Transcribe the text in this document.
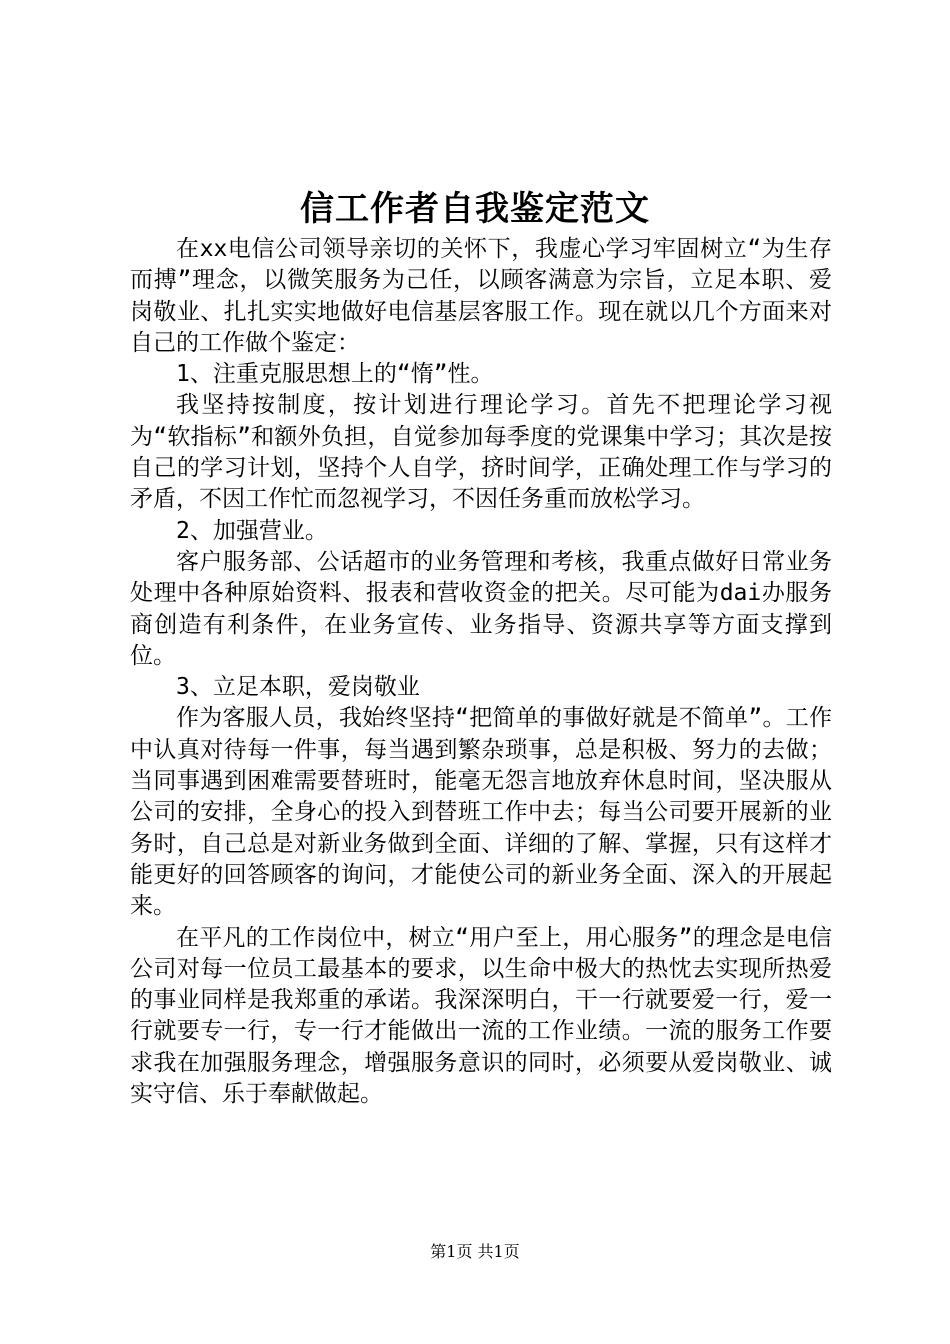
信工作者自我鉴定范文

在xx电信公司领导亲切的关怀下，我虚心学习牢固树立“为生存而搏”理念，以微笑服务为己任，以顾客满意为宗旨，立足本职、爱岗敬业、扎扎实实地做好电信基层客服工作。现在就以几个方面来对自己的工作做个鉴定：

1、注重克服思想上的“惰”性。

我坚持按制度，按计划进行理论学习。首先不把理论学习视为“软指标”和额外负担，自觉参加每季度的党课集中学习；其次是按自己的学习计划，坚持个人自学，挤时间学，正确处理工作与学习的矛盾，不因工作忙而忽视学习，不因任务重而放松学习。

2、加强营业。

客户服务部、公话超市的业务管理和考核，我重点做好日常业务处理中各种原始资料、报表和营收资金的把关。尽可能为dai办服务商创造有利条件，在业务宣传、业务指导、资源共享等方面支撑到位。

3、立足本职，爱岗敬业

作为客服人员，我始终坚持“把简单的事做好就是不简单”。工作中认真对待每一件事，每当遇到繁杂琐事，总是积极、努力的去做；当同事遇到困难需要替班时，能毫无怨言地放弃休息时间，坚决服从公司的安排，全身心的投入到替班工作中去；每当公司要开展新的业务时，自己总是对新业务做到全面、详细的了解、掌握，只有这样才能更好的回答顾客的询问，才能使公司的新业务全面、深入的开展起来。

在平凡的工作岗位中，树立“用户至上，用心服务”的理念是电信公司对每一位员工最基本的要求，以生命中极大的热忱去实现所热爱的事业同样是我郑重的承诺。我深深明白，干一行就要爱一行，爱一行就要专一行，专一行才能做出一流的工作业绩。一流的服务工作要求我在加强服务理念，增强服务意识的同时，必须要从爱岗敬业、诚实守信、乐于奉献做起。

第1页 共1页
